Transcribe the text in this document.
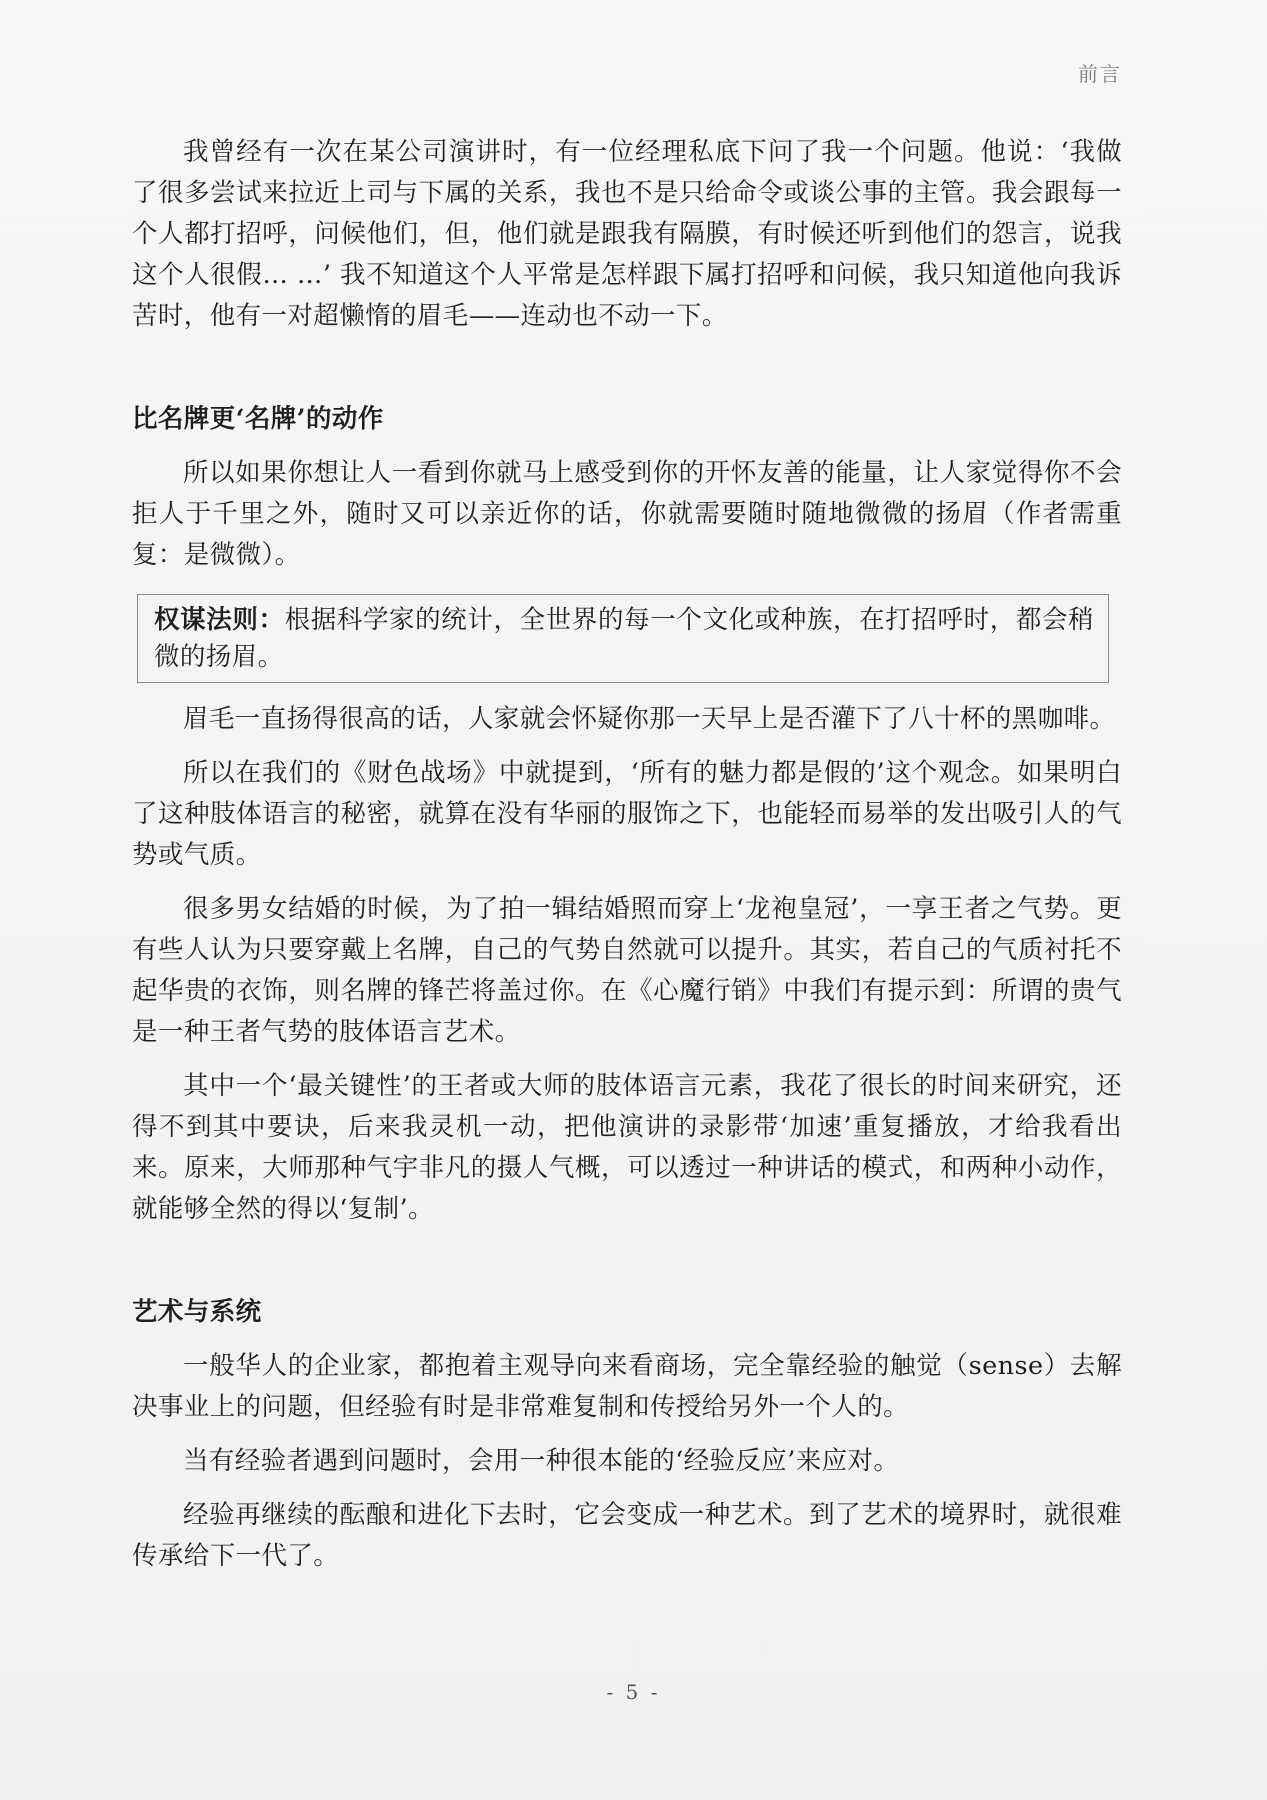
前言

我曾经有一次在某公司演讲时，有一位经理私底下问了我一个问题。他说：‘我做了很多尝试来拉近上司与下属的关系，我也不是只给命令或谈公事的主管。我会跟每一个人都打招呼，问候他们，但，他们就是跟我有隔膜，有时候还听到他们的怨言，说我这个人很假… …’ 我不知道这个人平常是怎样跟下属打招呼和问候，我只知道他向我诉苦时，他有一对超懒惰的眉毛——连动也不动一下。

比名牌更‘名牌’的动作

所以如果你想让人一看到你就马上感受到你的开怀友善的能量，让人家觉得你不会拒人于千里之外，随时又可以亲近你的话，你就需要随时随地微微的扬眉（作者需重复：是微微）。

权谋法则：根据科学家的统计，全世界的每一个文化或种族，在打招呼时，都会稍微的扬眉。

眉毛一直扬得很高的话，人家就会怀疑你那一天早上是否灌下了八十杯的黑咖啡。

所以在我们的《财色战场》中就提到，‘所有的魅力都是假的’这个观念。如果明白了这种肢体语言的秘密，就算在没有华丽的服饰之下，也能轻而易举的发出吸引人的气势或气质。

很多男女结婚的时候，为了拍一辑结婚照而穿上‘龙袍皇冠’，一享王者之气势。更有些人认为只要穿戴上名牌，自己的气势自然就可以提升。其实，若自己的气质衬托不起华贵的衣饰，则名牌的锋芒将盖过你。在《心魔行销》中我们有提示到：所谓的贵气是一种王者气势的肢体语言艺术。

其中一个‘最关键性’的王者或大师的肢体语言元素，我花了很长的时间来研究，还得不到其中要诀，后来我灵机一动，把他演讲的录影带‘加速’重复播放，才给我看出来。原来，大师那种气宇非凡的摄人气概，可以透过一种讲话的模式，和两种小动作，就能够全然的得以‘复制’。

艺术与系统

一般华人的企业家，都抱着主观导向来看商场，完全靠经验的触觉（sense）去解决事业上的问题，但经验有时是非常难复制和传授给另外一个人的。

当有经验者遇到问题时，会用一种很本能的‘经验反应’来应对。

经验再继续的酝酿和进化下去时，它会变成一种艺术。到了艺术的境界时，就很难传承给下一代了。

- 5 -
